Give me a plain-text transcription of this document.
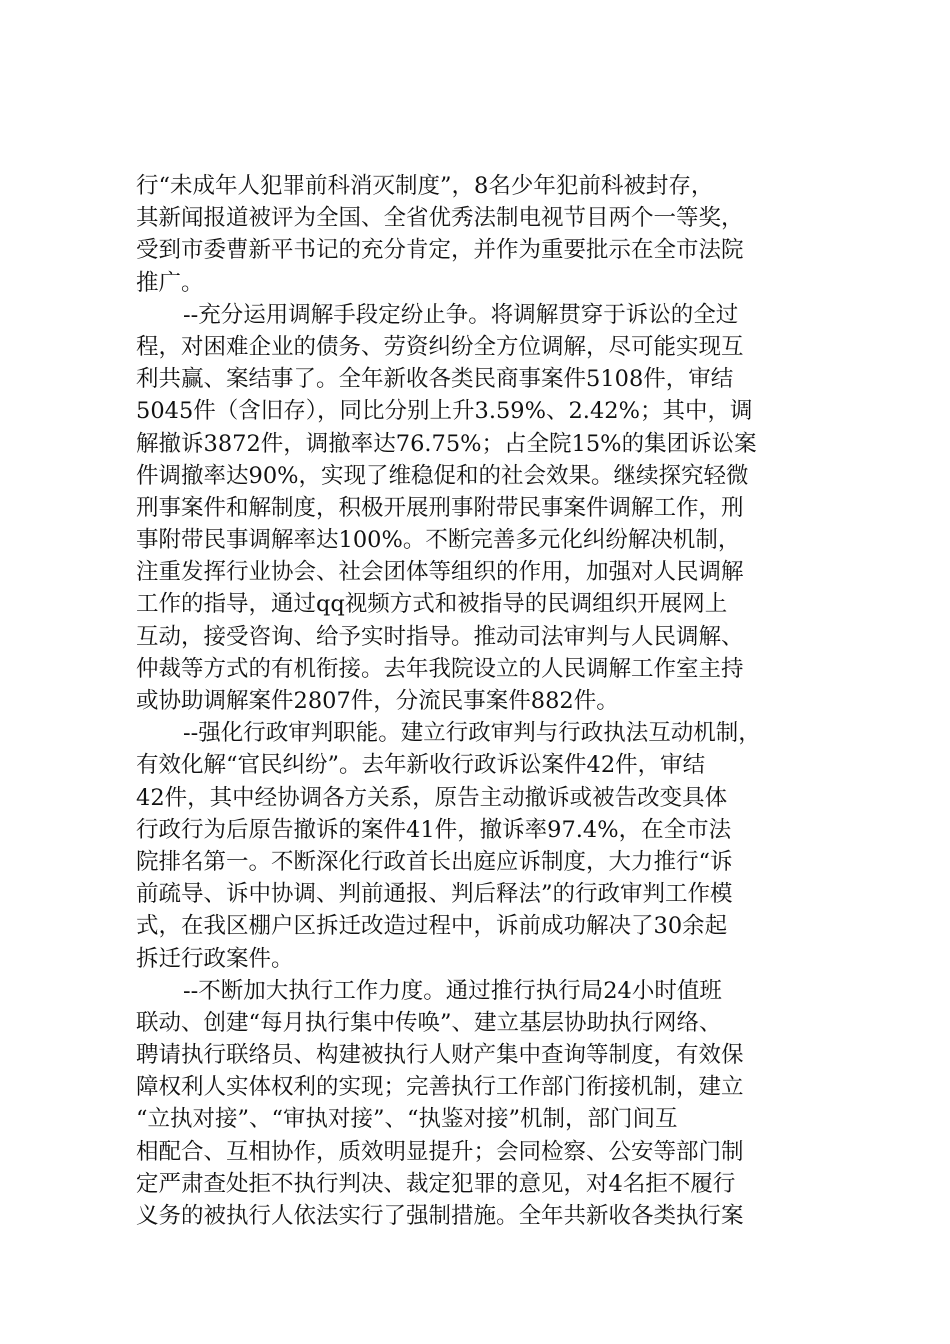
行“未成年人犯罪前科消灭制度”，8名少年犯前科被封存，
其新闻报道被评为全国、全省优秀法制电视节目两个一等奖，
受到市委曹新平书记的充分肯定，并作为重要批示在全市法院
推广。
--充分运用调解手段定纷止争。将调解贯穿于诉讼的全过
程，对困难企业的债务、劳资纠纷全方位调解，尽可能实现互
利共赢、案结事了。全年新收各类民商事案件5108件，审结
5045件（含旧存），同比分别上升3.59%、2.42%；其中，调
解撤诉3872件，调撤率达76.75%；占全院15%的集团诉讼案
件调撤率达90%，实现了维稳促和的社会效果。继续探究轻微
刑事案件和解制度，积极开展刑事附带民事案件调解工作，刑
事附带民事调解率达100%。不断完善多元化纠纷解决机制，
注重发挥行业协会、社会团体等组织的作用，加强对人民调解
工作的指导，通过qq视频方式和被指导的民调组织开展网上
互动，接受咨询、给予实时指导。推动司法审判与人民调解、
仲裁等方式的有机衔接。去年我院设立的人民调解工作室主持
或协助调解案件2807件，分流民事案件882件。
--强化行政审判职能。建立行政审判与行政执法互动机制，
有效化解“官民纠纷”。去年新收行政诉讼案件42件，审结
42件，其中经协调各方关系，原告主动撤诉或被告改变具体
行政行为后原告撤诉的案件41件，撤诉率97.4%，在全市法
院排名第一。不断深化行政首长出庭应诉制度，大力推行“诉
前疏导、诉中协调、判前通报、判后释法”的行政审判工作模
式，在我区棚户区拆迁改造过程中，诉前成功解决了30余起
拆迁行政案件。
--不断加大执行工作力度。通过推行执行局24小时值班
联动、创建“每月执行集中传唤”、建立基层协助执行网络、
聘请执行联络员、构建被执行人财产集中查询等制度，有效保
障权利人实体权利的实现；完善执行工作部门衔接机制，建立
“立执对接”、“审执对接”、“执鉴对接”机制，部门间互
相配合、互相协作，质效明显提升；会同检察、公安等部门制
定严肃查处拒不执行判决、裁定犯罪的意见，对4名拒不履行
义务的被执行人依法实行了强制措施。全年共新收各类执行案
